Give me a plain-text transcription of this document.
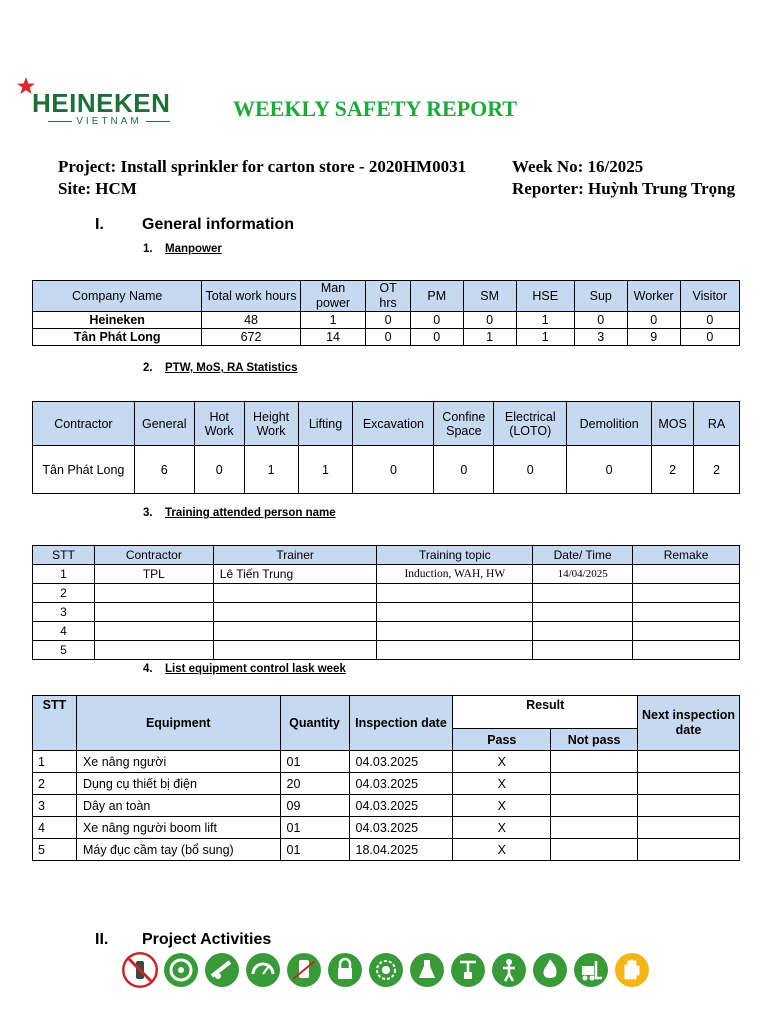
HEINEKEN
VIETNAM
WEEKLY SAFETY REPORT
Project: Install sprinkler for carton store - 2020HM0031
Site: HCM
Week No: 16/2025
Reporter: Huỳnh Trung Trọng
I. General information
1. Manpower
Company Name	Total work hours	Man power	OT hrs	PM	SM	HSE	Sup	Worker	Visitor
Heineken	48	1	0	0	0	1	0	0	0
Tân Phát Long	672	14	0	0	1	1	3	9	0
2. PTW, MoS, RA Statistics
Contractor	General	Hot Work	Height Work	Lifting	Excavation	Confine Space	Electrical (LOTO)	Demolition	MOS	RA
Tân Phát Long	6	0	1	1	0	0	0	0	2	2
3. Training attended person name
STT	Contractor	Trainer	Training topic	Date/ Time	Remake
1	TPL	Lê Tiến Trung	Induction, WAH, HW	14/04/2025	
2					
3					
4					
5					
4. List equipment control lask week
STT	Equipment	Quantity	Inspection date	Result		Next inspection date
				Pass	Not pass	
1	Xe nâng người	01	04.03.2025	X		
2	Dụng cụ thiết bị điện	20	04.03.2025	X		
3	Dây an toàn	09	04.03.2025	X		
4	Xe nâng người boom lift	01	04.03.2025	X		
5	Máy đục cầm tay (bổ sung)	01	18.04.2025	X		
II. Project Activities
